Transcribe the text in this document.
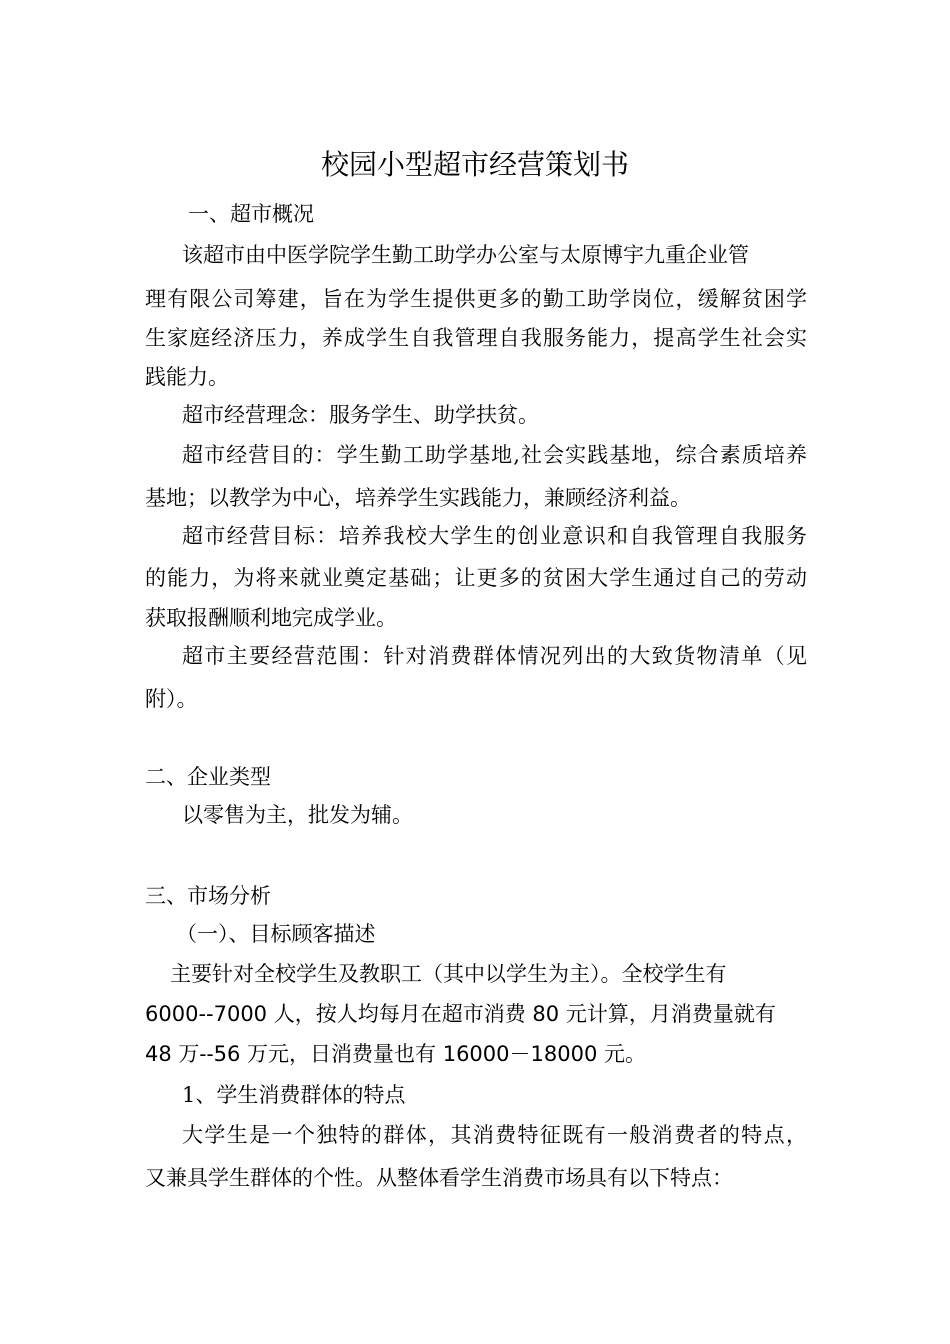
校园小型超市经营策划书
一、超市概况
该超市由中医学院学生勤工助学办公室与太原博宇九重企业管
理有限公司筹建，旨在为学生提供更多的勤工助学岗位，缓解贫困学
生家庭经济压力，养成学生自我管理自我服务能力，提高学生社会实
践能力。
超市经营理念：服务学生、助学扶贫。
超市经营目的：学生勤工助学基地,社会实践基地，综合素质培养
基地；以教学为中心，培养学生实践能力，兼顾经济利益。
超市经营目标：培养我校大学生的创业意识和自我管理自我服务
的能力，为将来就业奠定基础；让更多的贫困大学生通过自己的劳动
获取报酬顺利地完成学业。
超市主要经营范围：针对消费群体情况列出的大致货物清单（见
附）。
二、企业类型
以零售为主，批发为辅。
三、市场分析
（一）、目标顾客描述
主要针对全校学生及教职工（其中以学生为主）。全校学生有
6000--7000 人，按人均每月在超市消费 80 元计算，月消费量就有
48 万--56 万元，日消费量也有 16000－18000 元。
1、学生消费群体的特点
大学生是一个独特的群体，其消费特征既有一般消费者的特点，
又兼具学生群体的个性。从整体看学生消费市场具有以下特点：
